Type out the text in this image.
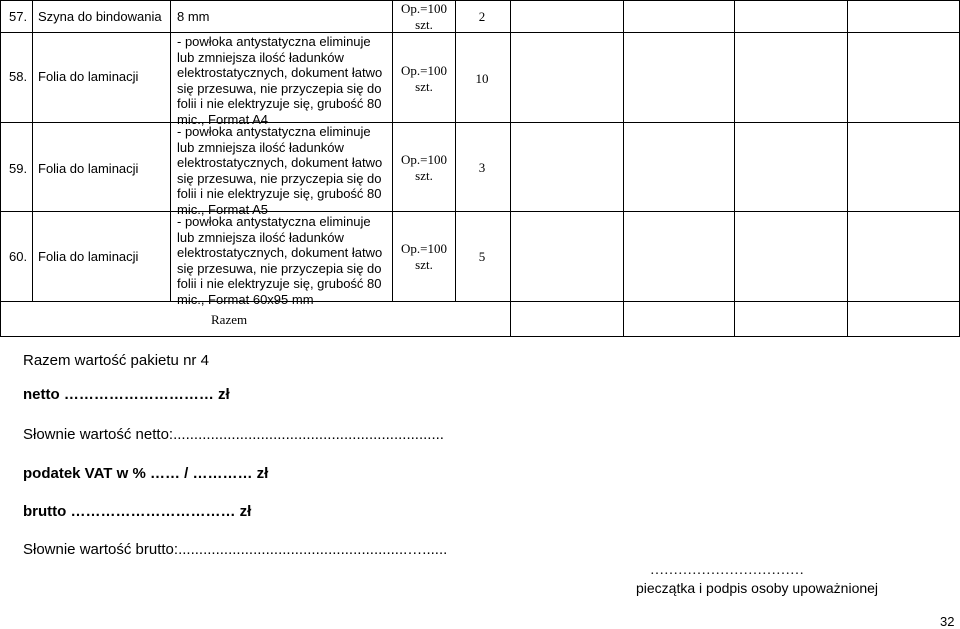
57. Szyna do bindowania 8 mm
Op.=100 szt.
2
58. Folia do laminacji
- powłoka antystatyczna eliminuje lub zmniejsza ilość ładunków elektrostatycznych, dokument łatwo się przesuwa, nie przyczepia się do folii i nie elektryzuje się, grubość 80 mic., Format A4
Op.=100 szt.
10
59. Folia do laminacji
- powłoka antystatyczna eliminuje lub zmniejsza ilość ładunków elektrostatycznych, dokument łatwo się przesuwa, nie przyczepia się do folii i nie elektryzuje się, grubość 80 mic., Format A5
Op.=100 szt.
3
60. Folia do laminacji
- powłoka antystatyczna eliminuje lub zmniejsza ilość ładunków elektrostatycznych, dokument łatwo się przesuwa, nie przyczepia się do folii i nie elektryzuje się, grubość 80 mic., Format 60x95 mm
Op.=100 szt.
5
Razem
Razem wartość pakietu nr 4
netto ………………………… zł
Słownie wartość netto:.................................................................
podatek VAT w % …… / ………… zł
brutto …………………………… zł
Słownie wartość brutto:.......................................................…......
……………………………
pieczątka i podpis osoby upoważnionej
32
